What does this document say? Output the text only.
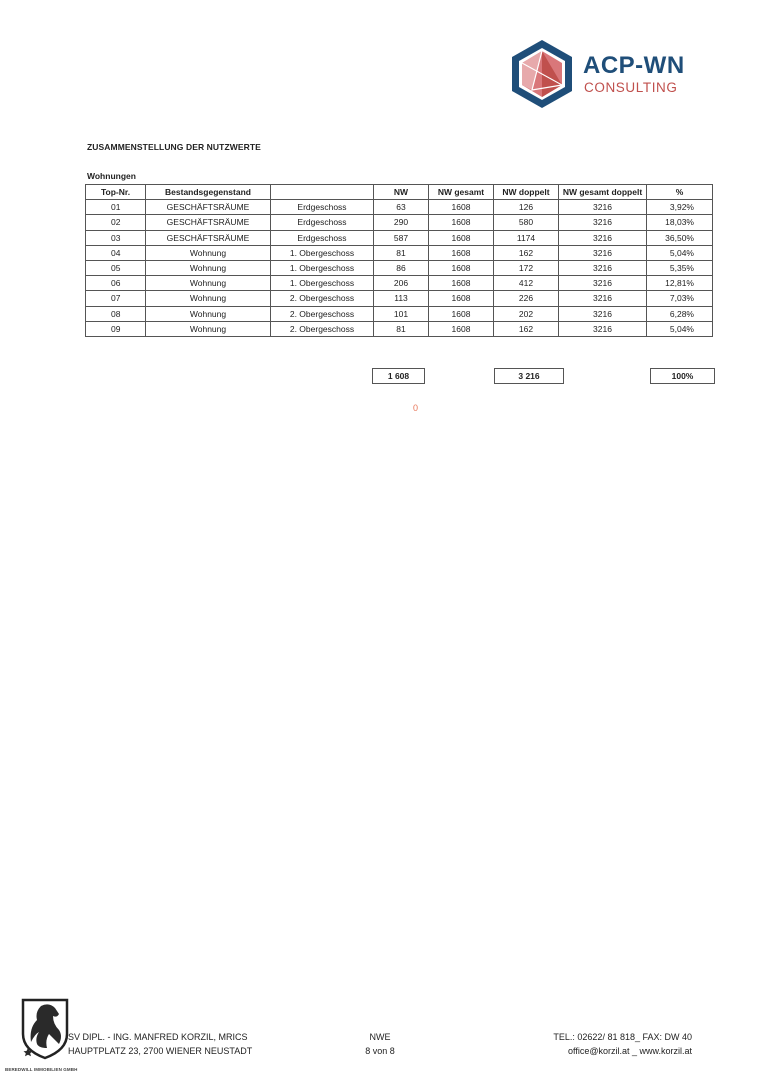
ACP-WN
CONSULTING
ZUSAMMENSTELLUNG DER NUTZWERTE
Wohnungen
Top-Nr.	Bestandsgegenstand		NW	NW gesamt	NW doppelt	NW gesamt doppelt	%
01	GESCHÄFTSRÄUME	Erdgeschoss	63	1608	126	3216	3,92%
02	GESCHÄFTSRÄUME	Erdgeschoss	290	1608	580	3216	18,03%
03	GESCHÄFTSRÄUME	Erdgeschoss	587	1608	1174	3216	36,50%
04	Wohnung	1. Obergeschoss	81	1608	162	3216	5,04%
05	Wohnung	1. Obergeschoss	86	1608	172	3216	5,35%
06	Wohnung	1. Obergeschoss	206	1608	412	3216	12,81%
07	Wohnung	2. Obergeschoss	113	1608	226	3216	7,03%
08	Wohnung	2. Obergeschoss	101	1608	202	3216	6,28%
09	Wohnung	2. Obergeschoss	81	1608	162	3216	5,04%
1 608	3 216	100%
0
BEREDWILL IMMOBILIEN GMBH
SV DIPL. - ING. MANFRED KORZIL, MRICS
HAUPTPLATZ 23, 2700 WIENER NEUSTADT
NWE
8 von 8
TEL.: 02622/ 81 818_ FAX: DW 40
office@korzil.at _ www.korzil.at
